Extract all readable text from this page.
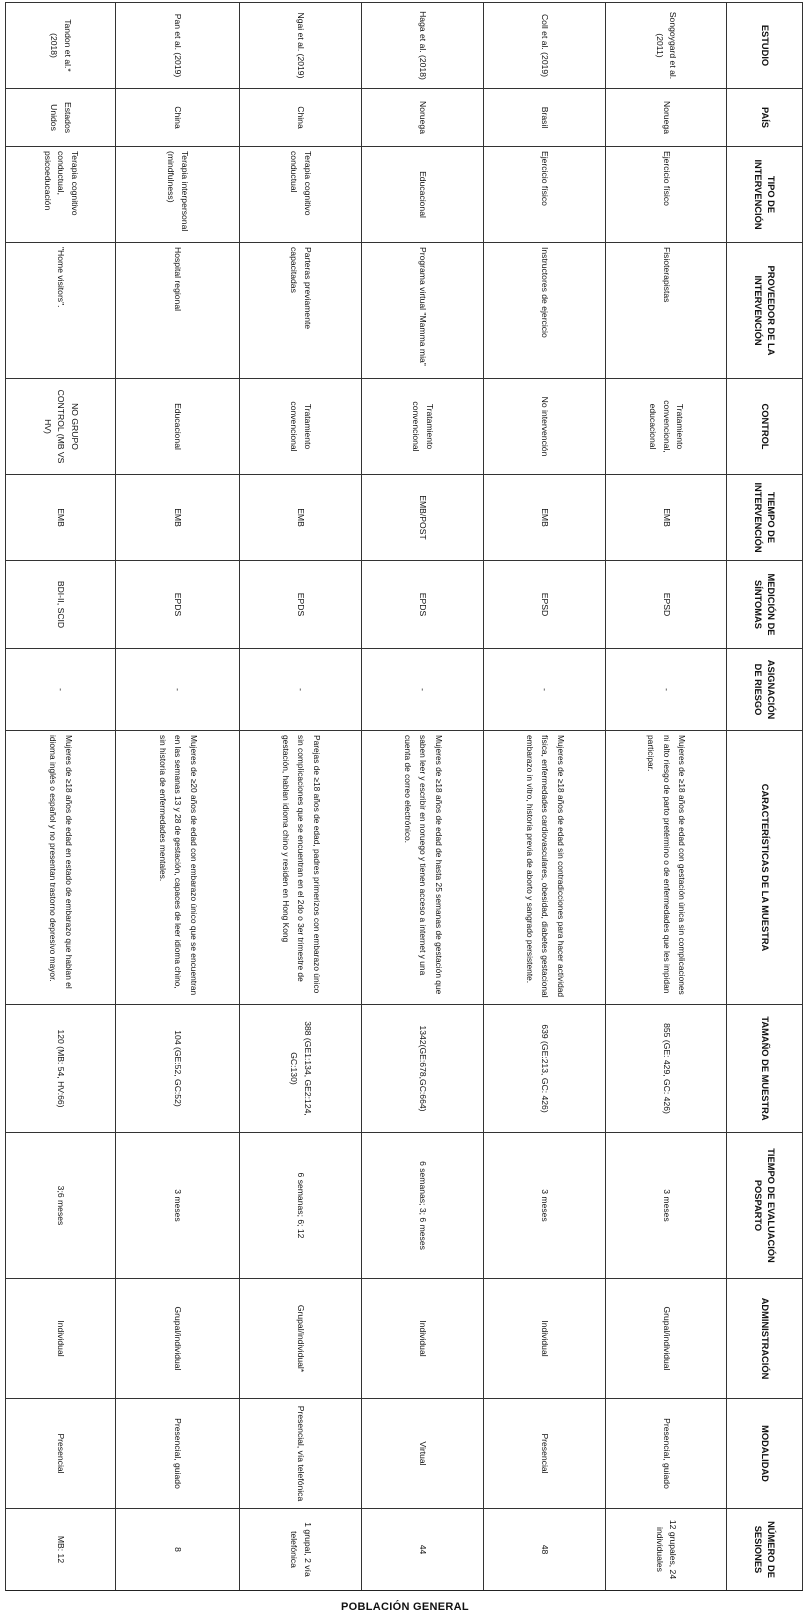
ESTUDIO	PAÍS	TIPO DE INTERVENCIÓN	PROVEEDOR DE LA INTERVENCIÓN	CONTROL	TIEMPO DE INTERVENCIÓN	MEDICIÓN DE SÍNTOMAS	ASIGNACIÓN DE RIESGO	CARACTERÍSTICAS DE LA MUESTRA	TAMAÑO DE MUESTRA	TIEMPO DE EVALUACIÓN POSPARTO	ADMINISTRACIÓN	MODALIDAD	NÚMERO DE SESIONES
Songoygard et al. (2011)	Noruega	Ejercicio físico	Fisioterapistas	Tratamiento convencional, educacional	EMB	EPSD	-	Mujeres de ≥18 años de edad con gestación única sin complicaciones ni alto riesgo de parto pretérmino o de enfermedades que les impidan participar.	855 (GE: 429, GC: 426)	3 meses	Grupal/individual	Presencial, guiado	12 grupales, 24 individuales
Coll et al. (2019)	Brasil	Ejercicio físico	Instructores de ejercicio	No intervención	EMB	EPSD	-	Mujeres de ≥18 años de edad sin contradicciones para hacer actividad física, enfermedades cardiovasculares, obesidad, diabetes gestacional embarazo in vitro, historia previa de aborto y sangrado persistente.	639 (GE:213, GC: 426)	3 meses	Individual	Presencial	48
Haga et al. (2018)	Noruega	Educacional	Programa virtual "Mamma mia"	Tratamiento convencional	EMB/POST	EPDS	-	Mujeres de ≥18 años de edad de hasta 25 semanas de gestación que saben leer y escribir en noruego y tienen acceso a internet y una cuenta de correo electrónico.	1342(GE:678,GC:664)	6 semanas; 3; 6 meses	Individual	Virtual	44
Ngai et al. (2019)	China	Terapia cognitivo conductual	Parteras previamente capacitadas	Tratamiento convencional	EMB	EPDS	-	Parejas de ≥18 años de edad, padres primerizos con embarazo único sin complicaciones que se encuentran en el 2do o 3er trimestre de gestación, hablan idioma chino y residen en Hong Kong	388 (GE1:134, GE2:124, GC:130)	6 semanas; 6; 12	Grupal/individual*	Presencial, vía telefónica	1 grupal, 2 vía telefónica
Pan et al. (2019)	China	Terapia interpersonal (mindfulness)	Hospital regional	Educacional	EMB	EPDS	-	Mujeres de ≥20 años de edad con embarazo único que se encuentran en las semanas 13 y 28 de gestación, capaces de leer idioma chino, sin historia de enfermedades mentales.	104 (GE:52, GC:52)	3 meses	Grupal/individual	Presencial, guiado	8
Tandon et al.* (2018)	Estados Unidos	Terapia cognitivo conductual, psicoeducación	"Home visitors".	NO GRUPO CONTROL (MB VS HV)	EMB	BDI-II, SCID	-	Mujeres de ≥18 años de edad en estado de embarazo que hablan el idioma inglés o español y no presentan trastorno depresivo mayor.	120 (MB: 54, HV:66)	3;6 meses	Individual	Presencial	MB: 12
POBLACIÓN GENERAL
